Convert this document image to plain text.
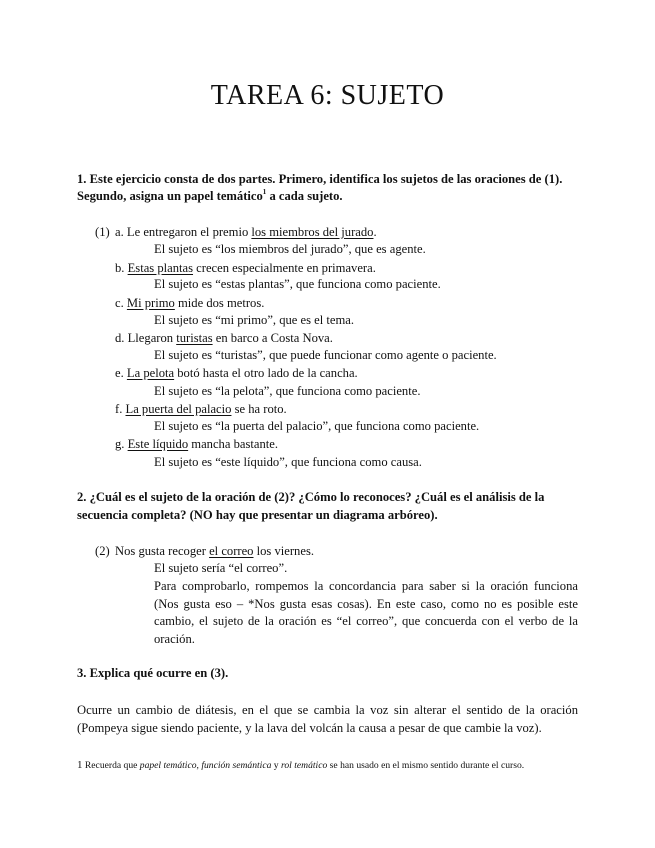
TAREA 6: SUJETO
1. Este ejercicio consta de dos partes. Primero, identifica los sujetos de las oraciones de (1).
Segundo, asigna un papel temático$^1$ a cada sujeto.
(1) a. Le entregaron el premio los miembros del jurado.
El sujeto es “los miembros del jurado”, que es agente.
b. Estas plantas crecen especialmente en primavera.
El sujeto es “estas plantas”, que funciona como paciente.
c. Mi primo mide dos metros.
El sujeto es “mi primo”, que es el tema.
d. Llegaron turistas en barco a Costa Nova.
El sujeto es “turistas”, que puede funcionar como agente o paciente.
e. La pelota botó hasta el otro lado de la cancha.
El sujeto es “la pelota”, que funciona como paciente.
f. La puerta del palacio se ha roto.
El sujeto es “la puerta del palacio”, que funciona como paciente.
g. Este líquido mancha bastante.
El sujeto es “este líquido”, que funciona como causa.
2. ¿Cuál es el sujeto de la oración de (2)? ¿Cómo lo reconoces? ¿Cuál es el análisis de la
secuencia completa? (NO hay que presentar un diagrama arbóreo).
(2) Nos gusta recoger el correo los viernes.
El sujeto sería “el correo”.
Para comprobarlo, rompemos la concordancia para saber si la oración funciona
(Nos gusta eso – *Nos gusta esas cosas). En este caso, como no es posible este
cambio, el sujeto de la oración es “el correo”, que concuerda con el verbo de la
oración.
3. Explica qué ocurre en (3).
Ocurre un cambio de diátesis, en el que se cambia la voz sin alterar el sentido de la oración
(Pompeya sigue siendo paciente, y la lava del volcán la causa a pesar de que cambie la voz).
1 Recuerda que papel temático, función semántica y rol temático se han usado en el mismo sentido durante el curso.
